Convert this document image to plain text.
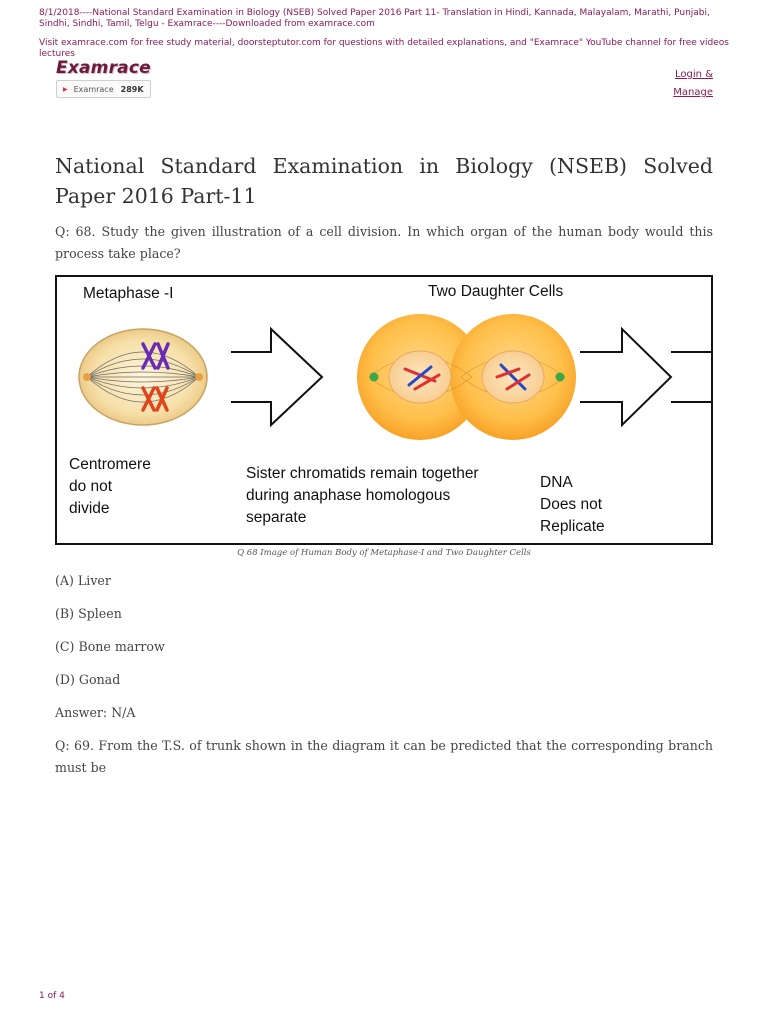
8/1/2018----National Standard Examination in Biology (NSEB) Solved Paper 2016 Part 11- Translation in Hindi, Kannada, Malayalam, Marathi, Punjabi, Sindhi, Sindhi, Tamil, Telgu - Examrace----Downloaded from examrace.com
Visit examrace.com for free study material, doorsteptutor.com for questions with detailed explanations, and "Examrace" YouTube channel for free videos lectures
Examrace
▶ Examrace 289K
Login &
Manage
National Standard Examination in Biology (NSEB) Solved Paper 2016 Part-11
Q: 68. Study the given illustration of a cell division. In which organ of the human body would this process take place?
Metaphase -I	Two Daughter Cells
Centromere
do not
divide
Sister chromatids remain together
during anaphase homologous
separate
DNA
Does not
Replicate
Q 68 Image of Human Body of Metaphase-I and Two Daughter Cells
(A) Liver
(B) Spleen
(C) Bone marrow
(D) Gonad
Answer: N/A
Q: 69. From the T.S. of trunk shown in the diagram it can be predicted that the corresponding branch must be
1 of 4
